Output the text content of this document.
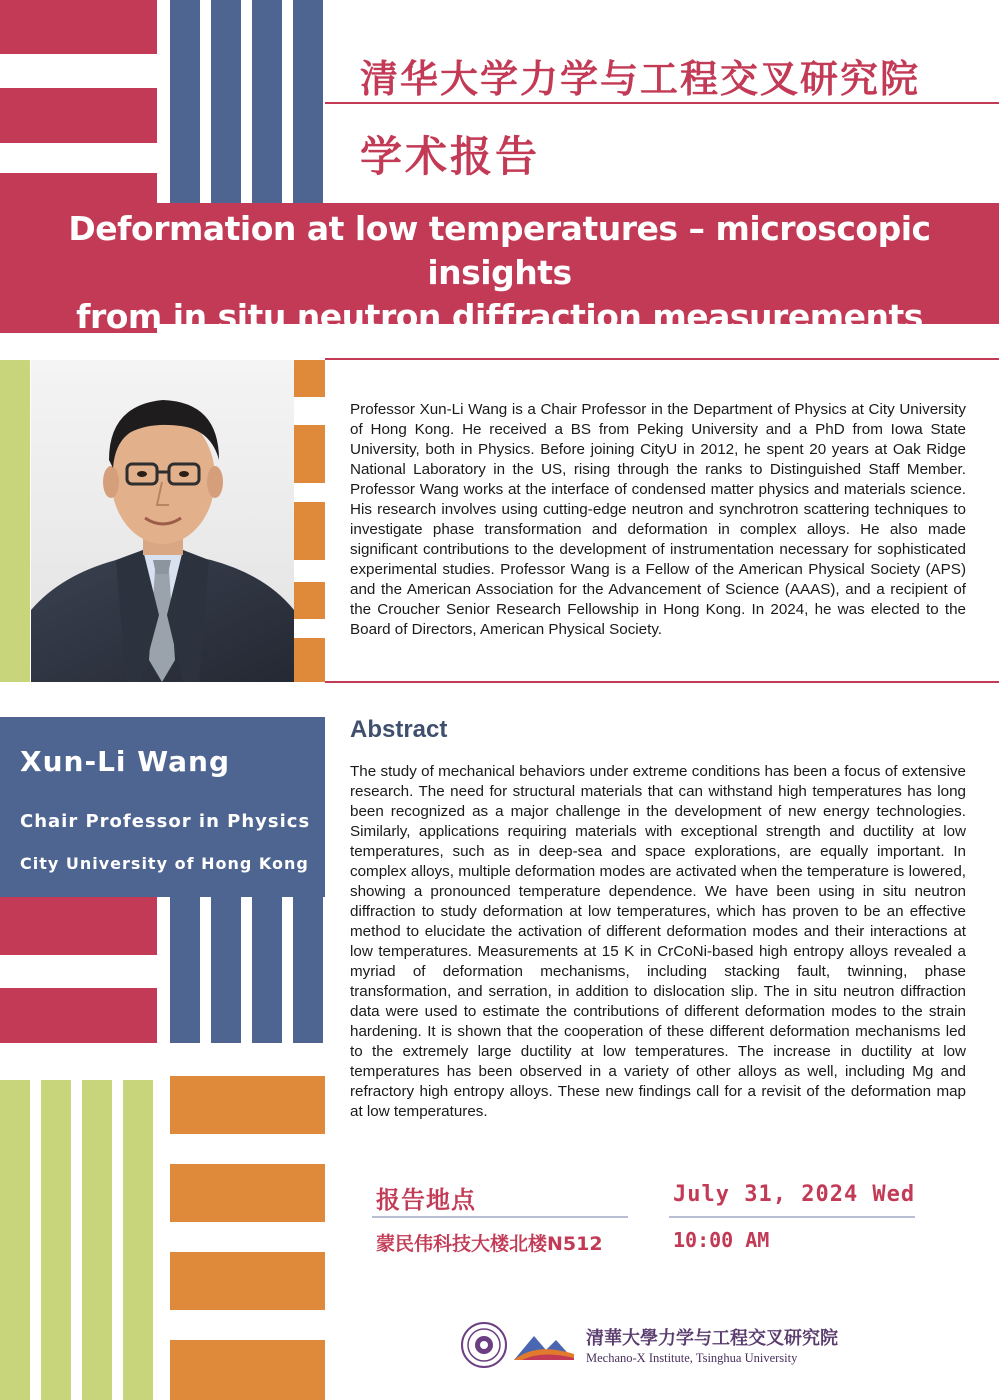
清华大学力学与工程交叉研究院
学术报告
Deformation at low temperatures – microscopic insights
from in situ neutron diffraction measurements

Professor Xun-Li Wang is a Chair Professor in the Department of Physics at City University of Hong Kong. He received a BS from Peking University and a PhD from Iowa State University, both in Physics. Before joining CityU in 2012, he spent 20 years at Oak Ridge National Laboratory in the US, rising through the ranks to Distinguished Staff Member. Professor Wang works at the interface of condensed matter physics and materials science. His research involves using cutting-edge neutron and synchrotron scattering techniques to investigate phase transformation and deformation in complex alloys. He also made significant contributions to the development of instrumentation necessary for sophisticated experimental studies. Professor Wang is a Fellow of the American Physical Society (APS) and the American Association for the Advancement of Science (AAAS), and a recipient of the Croucher Senior Research Fellowship in Hong Kong. In 2024, he was elected to the Board of Directors, American Physical Society.

Xun-Li Wang
Chair Professor in Physics
City University of Hong Kong
Abstract

The study of mechanical behaviors under extreme conditions has been a focus of extensive research. The need for structural materials that can withstand high temperatures has long been recognized as a major challenge in the development of new energy technologies. Similarly, applications requiring materials with exceptional strength and ductility at low temperatures, such as in deep-sea and space explorations, are equally important. In complex alloys, multiple deformation modes are activated when the temperature is lowered, showing a pronounced temperature dependence. We have been using in situ neutron diffraction to study deformation at low temperatures, which has proven to be an effective method to elucidate the activation of different deformation modes and their interactions at low temperatures. Measurements at 15 K in CrCoNi-based high entropy alloys revealed a myriad of deformation mechanisms, including stacking fault, twinning, phase transformation, and serration, in addition to dislocation slip. The in situ neutron diffraction data were used to estimate the contributions of different deformation modes to the strain hardening. It is shown that the cooperation of these different deformation mechanisms led to the extremely large ductility at low temperatures. The increase in ductility at low temperatures has been observed in a variety of other alloys as well, including Mg and refractory high entropy alloys. These new findings call for a revisit of the deformation map at low temperatures.

报告地点
蒙民伟科技大楼北楼N512
July 31, 2024 Wed
10:00 AM
清華大學力学与工程交叉研究院
Mechano-X Institute, Tsinghua University
